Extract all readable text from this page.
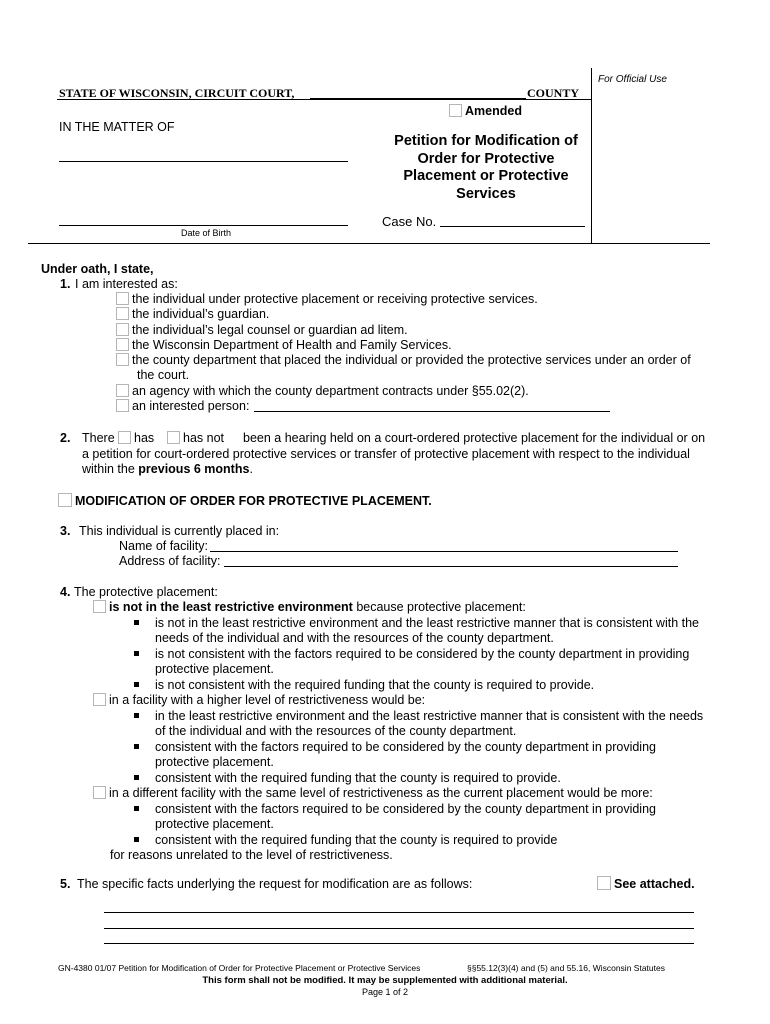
For Official Use
STATE OF WISCONSIN, CIRCUIT COURT,	COUNTY
Amended
IN THE MATTER OF
Date of Birth
Petition for Modification of
Order for Protective
Placement or Protective
Services
Case No.
Under oath, I state,
1. I am interested as:
the individual under protective placement or receiving protective services.
the individual’s guardian.
the individual’s legal counsel or guardian ad litem.
the Wisconsin Department of Health and Family Services.
the county department that placed the individual or provided the protective services under an order of
the court.
an agency with which the county department contracts under §55.02(2).
an interested person:
2. There	has	has not been a hearing held on a court-ordered protective placement for the individual or on
a petition for court-ordered protective services or transfer of protective placement with respect to the individual
within the previous 6 months.
MODIFICATION OF ORDER FOR PROTECTIVE PLACEMENT.
3. This individual is currently placed in:
Name of facility:
Address of facility:
4. The protective placement:
is not in the least restrictive environment because protective placement:
is not in the least restrictive environment and the least restrictive manner that is consistent with the
needs of the individual and with the resources of the county department.
is not consistent with the factors required to be considered by the county department in providing
protective placement.
is not consistent with the required funding that the county is required to provide.
in a facility with a higher level of restrictiveness would be:
in the least restrictive environment and the least restrictive manner that is consistent with the needs
of the individual and with the resources of the county department.
consistent with the factors required to be considered by the county department in providing
protective placement.
consistent with the required funding that the county is required to provide.
in a different facility with the same level of restrictiveness as the current placement would be more:
consistent with the factors required to be considered by the county department in providing
protective placement.
consistent with the required funding that the county is required to provide
for reasons unrelated to the level of restrictiveness.
5. The specific facts underlying the request for modification are as follows:	See attached.
GN-4380 01/07 Petition for Modification of Order for Protective Placement or Protective Services	§§55.12(3)(4) and (5) and 55.16, Wisconsin Statutes
This form shall not be modified. It may be supplemented with additional material.
Page 1 of 2
